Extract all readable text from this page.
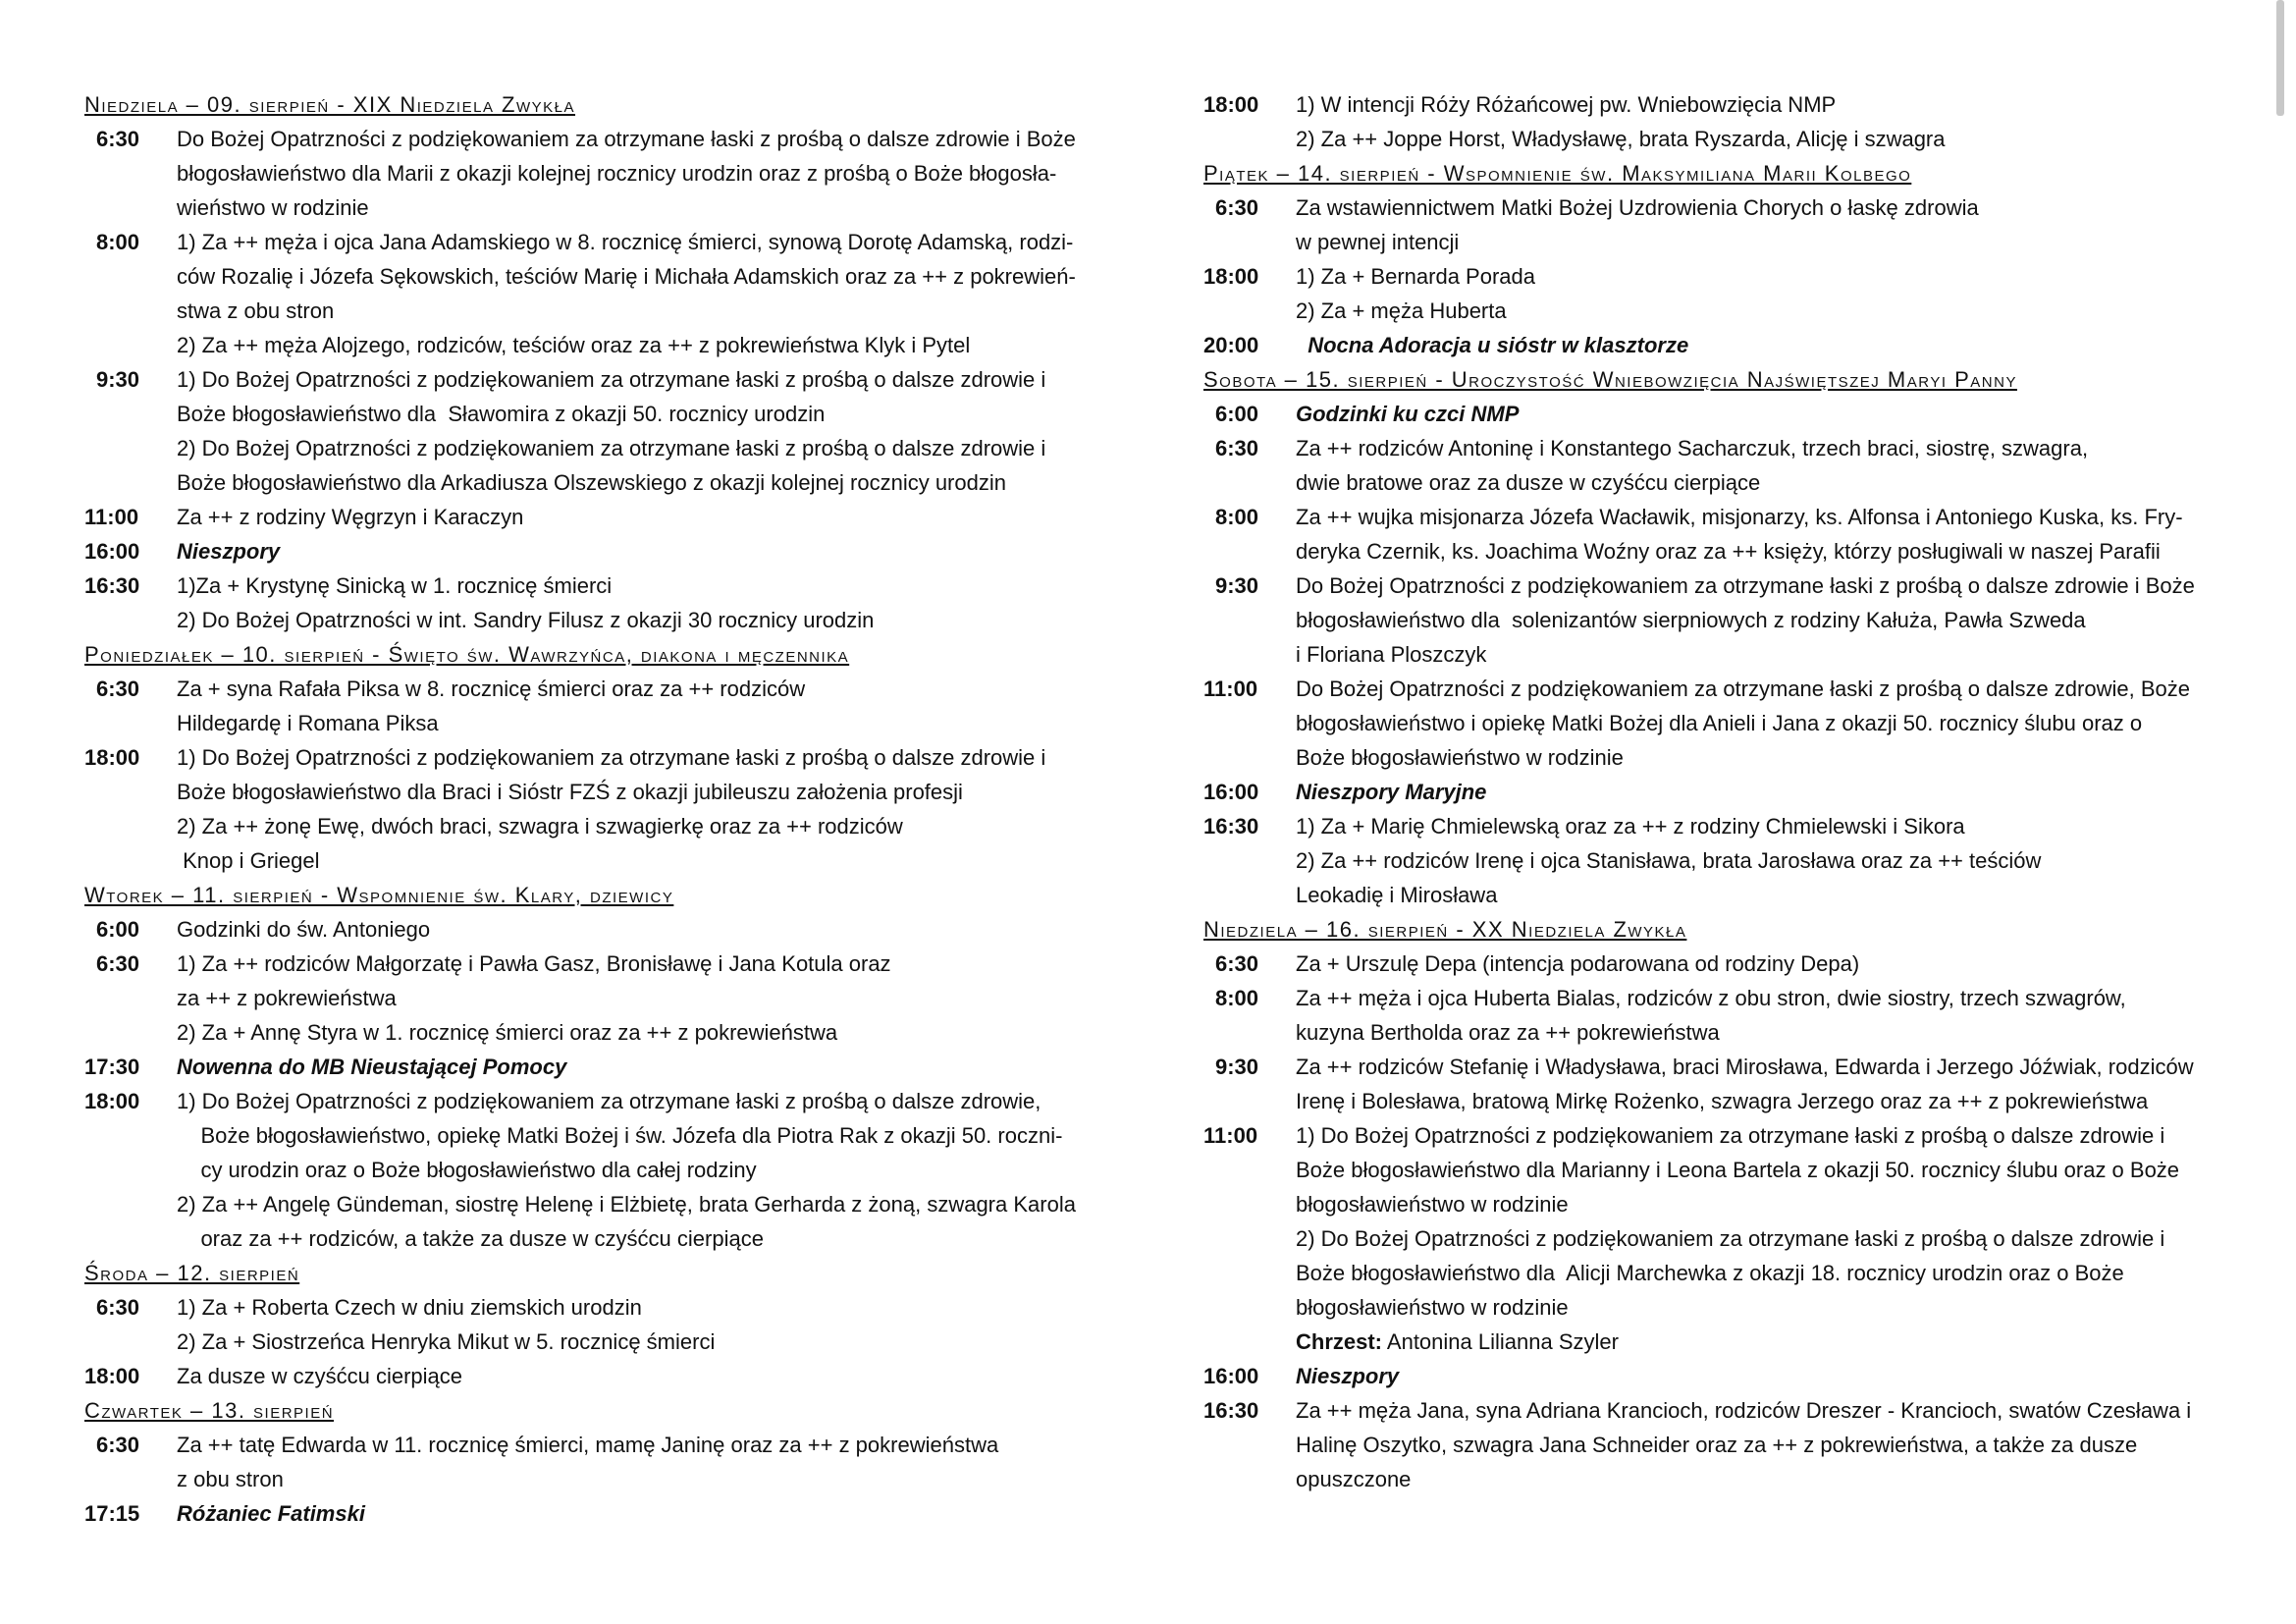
Niedziela – 09. sierpień - XIX Niedziela Zwykła
6:30	Do Bożej Opatrzności z podziękowaniem za otrzymane łaski z prośbą o dalsze zdrowie i Boże
błogosławieństwo dla Marii z okazji kolejnej rocznicy urodzin oraz z prośbą o Boże błogosła-
wieństwo w rodzinie
8:00	1) Za ++ męża i ojca Jana Adamskiego w 8. rocznicę śmierci, synową Dorotę Adamską, rodzi-
ców Rozalię i Józefa Sękowskich, teściów Marię i Michała Adamskich oraz za ++ z pokrewień-
stwa z obu stron
2) Za ++ męża Alojzego, rodziców, teściów oraz za ++ z pokrewieństwa Klyk i Pytel
9:30	1) Do Bożej Opatrzności z podziękowaniem za otrzymane łaski z prośbą o dalsze zdrowie i
Boże błogosławieństwo dla  Sławomira z okazji 50. rocznicy urodzin
2) Do Bożej Opatrzności z podziękowaniem za otrzymane łaski z prośbą o dalsze zdrowie i
Boże błogosławieństwo dla Arkadiusza Olszewskiego z okazji kolejnej rocznicy urodzin
11:00	Za ++ z rodziny Węgrzyn i Karaczyn
16:00	Nieszpory
16:30	1)Za + Krystynę Sinicką w 1. rocznicę śmierci
2) Do Bożej Opatrzności w int. Sandry Filusz z okazji 30 rocznicy urodzin
Poniedziałek – 10. sierpień - Święto św. Wawrzyńca, diakona i męczennika
6:30	Za + syna Rafała Piksa w 8. rocznicę śmierci oraz za ++ rodziców
Hildegardę i Romana Piksa
18:00	1) Do Bożej Opatrzności z podziękowaniem za otrzymane łaski z prośbą o dalsze zdrowie i
Boże błogosławieństwo dla Braci i Sióstr FZŚ z okazji jubileuszu założenia profesji
2) Za ++ żonę Ewę, dwóch braci, szwagra i szwagierkę oraz za ++ rodziców
Knop i Griegel
Wtorek – 11. sierpień - Wspomnienie św. Klary, dziewicy
6:00	Godzinki do św. Antoniego
6:30	1) Za ++ rodziców Małgorzatę i Pawła Gasz, Bronisławę i Jana Kotula oraz
za ++ z pokrewieństwa
2) Za + Annę Styra w 1. rocznicę śmierci oraz za ++ z pokrewieństwa
17:30	Nowenna do MB Nieustającej Pomocy
18:00	1) Do Bożej Opatrzności z podziękowaniem za otrzymane łaski z prośbą o dalsze zdrowie,
Boże błogosławieństwo, opiekę Matki Bożej i św. Józefa dla Piotra Rak z okazji 50. roczni-
cy urodzin oraz o Boże błogosławieństwo dla całej rodziny
2) Za ++ Angelę Gündeman, siostrę Helenę i Elżbietę, brata Gerharda z żoną, szwagra Karola
oraz za ++ rodziców, a także za dusze w czyśćcu cierpiące
Środa – 12. sierpień
6:30	1) Za + Roberta Czech w dniu ziemskich urodzin
2) Za + Siostrzeńca Henryka Mikut w 5. rocznicę śmierci
18:00	Za dusze w czyśćcu cierpiące
Czwartek – 13. sierpień
6:30	Za ++ tatę Edwarda w 11. rocznicę śmierci, mamę Janinę oraz za ++ z pokrewieństwa
z obu stron
17:15	Różaniec Fatimski
18:00	1) W intencji Róży Różańcowej pw. Wniebowzięcia NMP
2) Za ++ Joppe Horst, Władysławę, brata Ryszarda, Alicję i szwagra
Piątek – 14. sierpień - Wspomnienie św. Maksymiliana Marii Kolbego
6:30	Za wstawiennictwem Matki Bożej Uzdrowienia Chorych o łaskę zdrowia
w pewnej intencji
18:00	1) Za + Bernarda Porada
2) Za + męża Huberta
20:00	Nocna Adoracja u sióstr w klasztorze
Sobota – 15. sierpień - Uroczystość Wniebowzięcia Najświętszej Maryi Panny
6:00	Godzinki ku czci NMP
6:30	Za ++ rodziców Antoninę i Konstantego Sacharczuk, trzech braci, siostrę, szwagra,
dwie bratowe oraz za dusze w czyśćcu cierpiące
8:00	Za ++ wujka misjonarza Józefa Wacławik, misjonarzy, ks. Alfonsa i Antoniego Kuska, ks. Fry-
deryka Czernik, ks. Joachima Woźny oraz za ++ księży, którzy posługiwali w naszej Parafii
9:30	Do Bożej Opatrzności z podziękowaniem za otrzymane łaski z prośbą o dalsze zdrowie i Boże
błogosławieństwo dla  solenizantów sierpniowych z rodziny Kałuża, Pawła Szweda
i Floriana Ploszczyk
11:00	Do Bożej Opatrzności z podziękowaniem za otrzymane łaski z prośbą o dalsze zdrowie, Boże
błogosławieństwo i opiekę Matki Bożej dla Anieli i Jana z okazji 50. rocznicy ślubu oraz o
Boże błogosławieństwo w rodzinie
16:00	Nieszpory Maryjne
16:30	1) Za + Marię Chmielewską oraz za ++ z rodziny Chmielewski i Sikora
2) Za ++ rodziców Irenę i ojca Stanisława, brata Jarosława oraz za ++ teściów
Leokadię i Mirosława
Niedziela – 16. sierpień - XX Niedziela Zwykła
6:30	Za + Urszulę Depa (intencja podarowana od rodziny Depa)
8:00	Za ++ męża i ojca Huberta Bialas, rodziców z obu stron, dwie siostry, trzech szwagrów,
kuzyna Bertholda oraz za ++ pokrewieństwa
9:30	Za ++ rodziców Stefanię i Władysława, braci Mirosława, Edwarda i Jerzego Jóźwiak, rodziców
Irenę i Bolesława, bratową Mirkę Rożenko, szwagra Jerzego oraz za ++ z pokrewieństwa
11:00	1) Do Bożej Opatrzności z podziękowaniem za otrzymane łaski z prośbą o dalsze zdrowie i
Boże błogosławieństwo dla Marianny i Leona Bartela z okazji 50. rocznicy ślubu oraz o Boże
błogosławieństwo w rodzinie
2) Do Bożej Opatrzności z podziękowaniem za otrzymane łaski z prośbą o dalsze zdrowie i
Boże błogosławieństwo dla  Alicji Marchewka z okazji 18. rocznicy urodzin oraz o Boże
błogosławieństwo w rodzinie
Chrzest: Antonina Lilianna Szyler
16:00	Nieszpory
16:30	Za ++ męża Jana, syna Adriana Krancioch, rodziców Dreszer - Krancioch, swatów Czesława i
Halinę Oszytko, szwagra Jana Schneider oraz za ++ z pokrewieństwa, a także za dusze
opuszczone
